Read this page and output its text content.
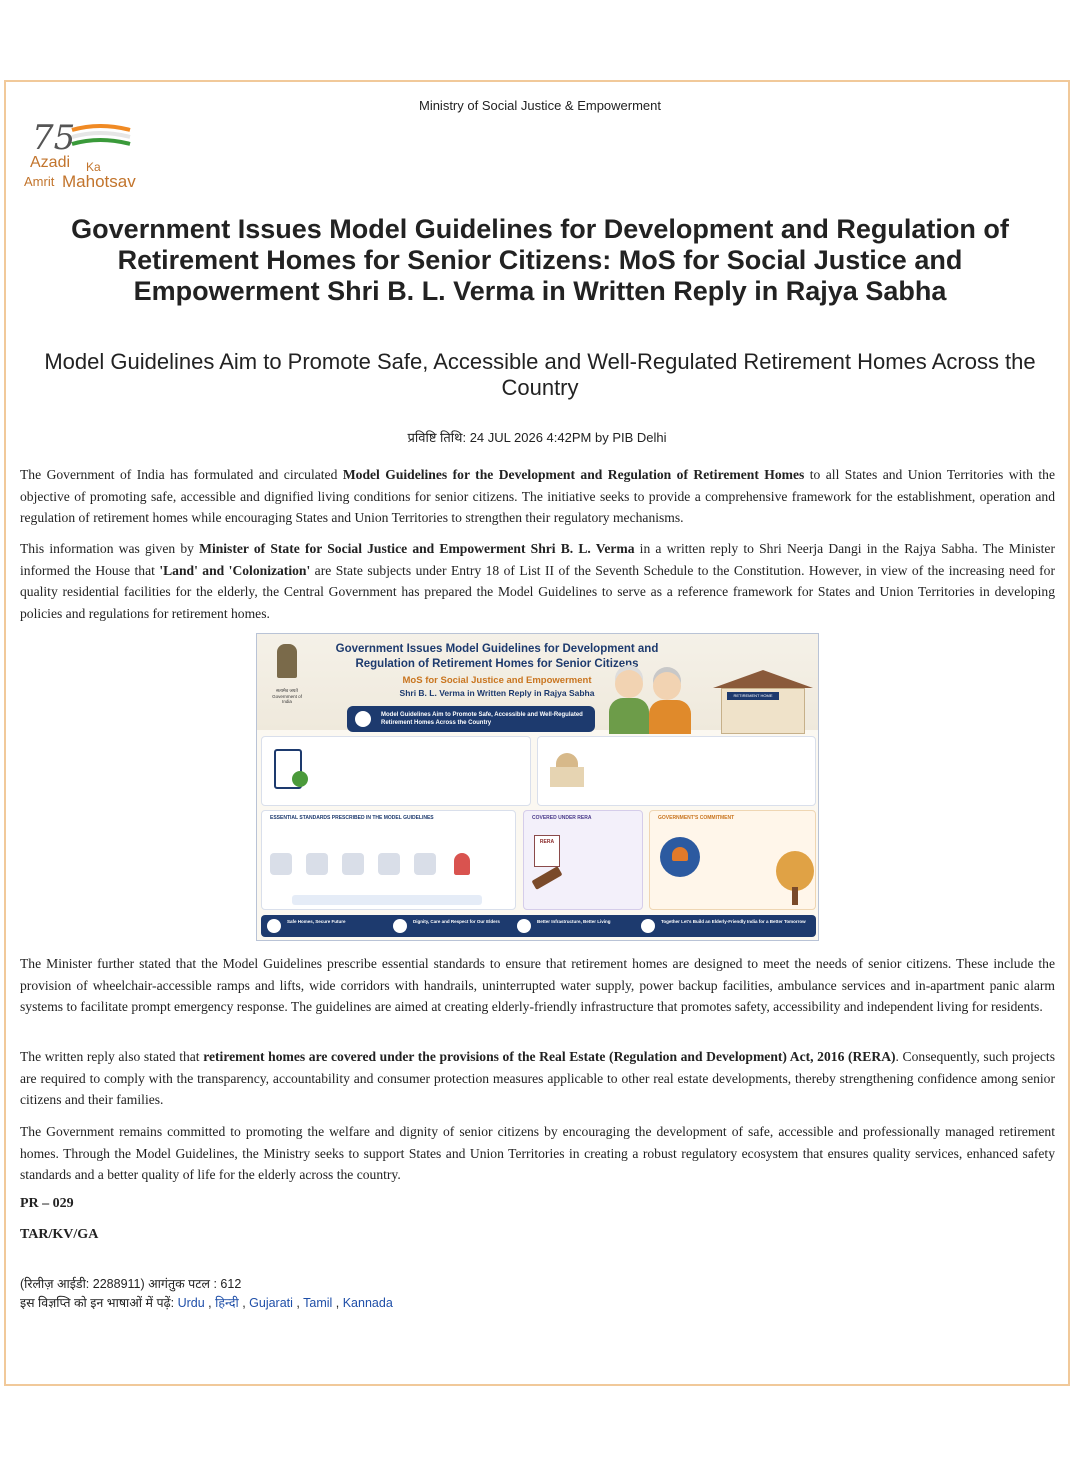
Ministry of Social Justice & Empowerment
75
Azadi Ka
Amrit Mahotsav
Government Issues Model Guidelines for Development and Regulation of Retirement Homes for Senior Citizens: MoS for Social Justice and Empowerment Shri B. L. Verma in Written Reply in Rajya Sabha
Model Guidelines Aim to Promote Safe, Accessible and Well-Regulated Retirement Homes Across the Country
प्रविष्टि तिथि: 24 JUL 2026 4:42PM by PIB Delhi

The Government of India has formulated and circulated Model Guidelines for the Development and Regulation of Retirement Homes to all States and Union Territories with the objective of promoting safe, accessible and dignified living conditions for senior citizens. The initiative seeks to provide a comprehensive framework for the establishment, operation and regulation of retirement homes while encouraging States and Union Territories to strengthen their regulatory mechanisms.

This information was given by Minister of State for Social Justice and Empowerment Shri B. L. Verma in a written reply to Shri Neerja Dangi in the Rajya Sabha. The Minister informed the House that 'Land' and 'Colonization' are State subjects under Entry 18 of List II of the Seventh Schedule to the Constitution. However, in view of the increasing need for quality residential facilities for the elderly, the Central Government has prepared the Model Guidelines to serve as a reference framework for States and Union Territories in developing policies and regulations for retirement homes.

सत्यमेव जयते Government of India
Government Issues Model Guidelines for Development and Regulation of Retirement Homes for Senior Citizens
MoS for Social Justice and Empowerment
Shri B. L. Verma in Written Reply in Rajya Sabha
Model Guidelines Aim to Promote Safe, Accessible and Well-Regulated Retirement Homes Across the Country
RETIREMENT HOME
ESSENTIAL STANDARDS PRESCRIBED IN THE MODEL GUIDELINES	COVERED UNDER RERA
RERA
GOVERNMENT'S COMMITMENT
Safe Homes, Secure Future	Dignity, Care and Respect for Our Elders	Better Infrastructure, Better Living	Together Let's Build an Elderly-Friendly India for a Better Tomorrow

The Minister further stated that the Model Guidelines prescribe essential standards to ensure that retirement homes are designed to meet the needs of senior citizens. These include the provision of wheelchair-accessible ramps and lifts, wide corridors with handrails, uninterrupted water supply, power backup facilities, ambulance services and in-apartment panic alarm systems to facilitate prompt emergency response. The guidelines are aimed at creating elderly-friendly infrastructure that promotes safety, accessibility and independent living for residents.

The written reply also stated that retirement homes are covered under the provisions of the Real Estate (Regulation and Development) Act, 2016 (RERA). Consequently, such projects are required to comply with the transparency, accountability and consumer protection measures applicable to other real estate developments, thereby strengthening confidence among senior citizens and their families.

The Government remains committed to promoting the welfare and dignity of senior citizens by encouraging the development of safe, accessible and professionally managed retirement homes. Through the Model Guidelines, the Ministry seeks to support States and Union Territories in creating a robust regulatory ecosystem that ensures quality services, enhanced safety standards and a better quality of life for the elderly across the country.

PR – 029
TAR/KV/GA
(रिलीज़ आईडी: 2288911) आगंतुक पटल : 612
इस विज्ञप्ति को इन भाषाओं में पढ़ें: Urdu , हिन्दी , Gujarati , Tamil , Kannada
